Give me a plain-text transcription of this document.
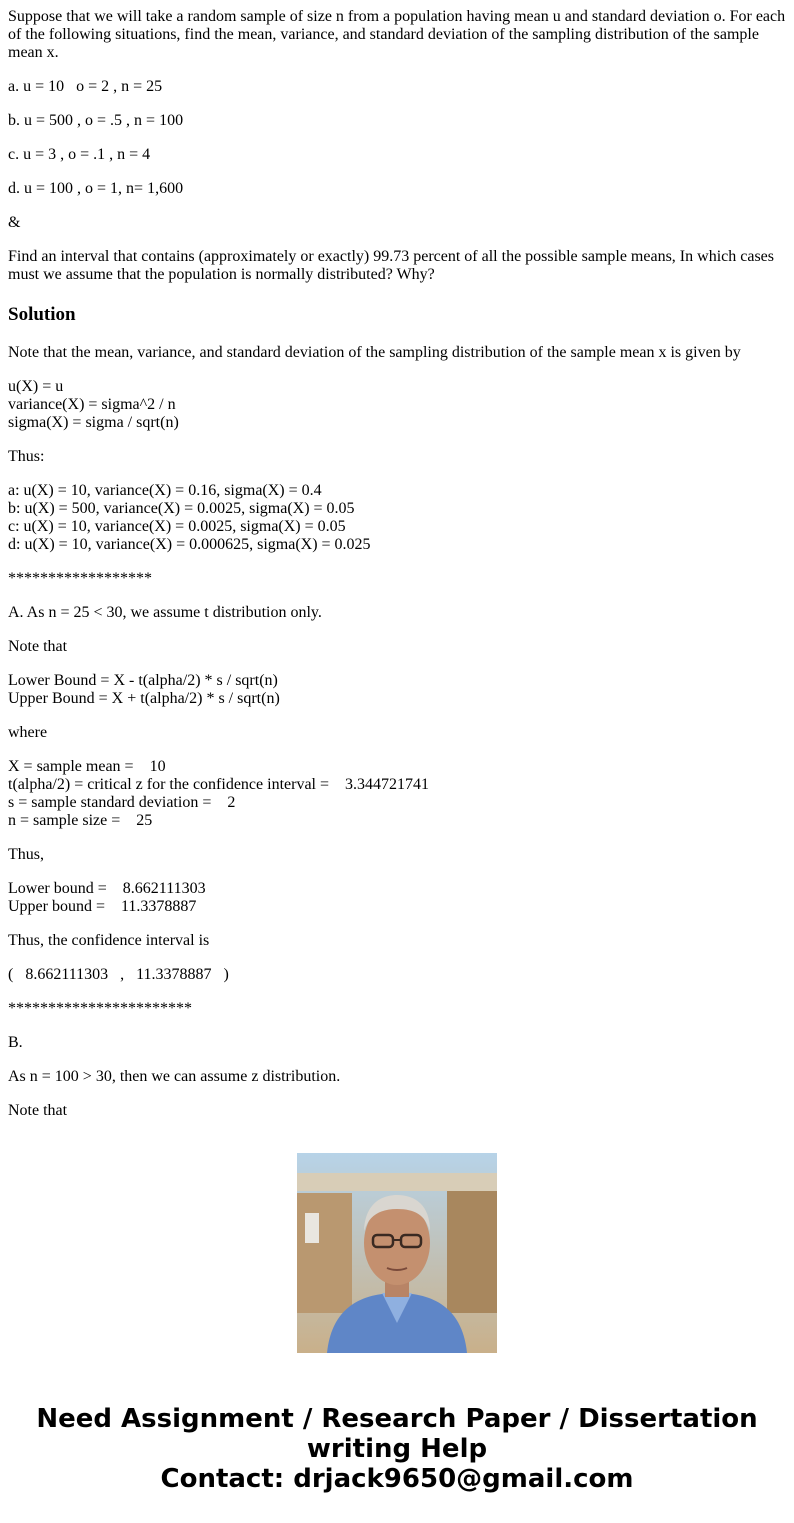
Suppose that we will take a random sample of size n from a population having mean u and standard deviation o. For each of the following situations, find the mean, variance, and standard deviation of the sampling distribution of the sample mean x.

a. u = 10   o = 2 , n = 25

b. u = 500 , o = .5 , n = 100

c. u = 3 , o = .1 , n = 4

d. u = 100 , o = 1, n= 1,600

&

Find an interval that contains (approximately or exactly) 99.73 percent of all the possible sample means, In which cases must we assume that the population is normally distributed? Why?

Solution

Note that the mean, variance, and standard deviation of the sampling distribution of the sample mean x is given by

u(X) = u
variance(X) = sigma^2 / n
sigma(X) = sigma / sqrt(n)

Thus:

a: u(X) = 10, variance(X) = 0.16, sigma(X) = 0.4
b: u(X) = 500, variance(X) = 0.0025, sigma(X) = 0.05
c: u(X) = 10, variance(X) = 0.0025, sigma(X) = 0.05
d: u(X) = 10, variance(X) = 0.000625, sigma(X) = 0.025

******************

A. As n = 25 < 30, we assume t distribution only.

Note that

Lower Bound = X - t(alpha/2) * s / sqrt(n)
Upper Bound = X + t(alpha/2) * s / sqrt(n)

where

X = sample mean =    10
t(alpha/2) = critical z for the confidence interval =    3.344721741
s = sample standard deviation =    2
n = sample size =    25

Thus,

Lower bound =    8.662111303
Upper bound =    11.3378887

Thus, the confidence interval is

(   8.662111303   ,   11.3378887   )

***********************

B.

As n = 100 > 30, then we can assume z distribution.

Note that

Need Assignment / Research Paper / Dissertation
writing Help
Contact: drjack9650@gmail.com
